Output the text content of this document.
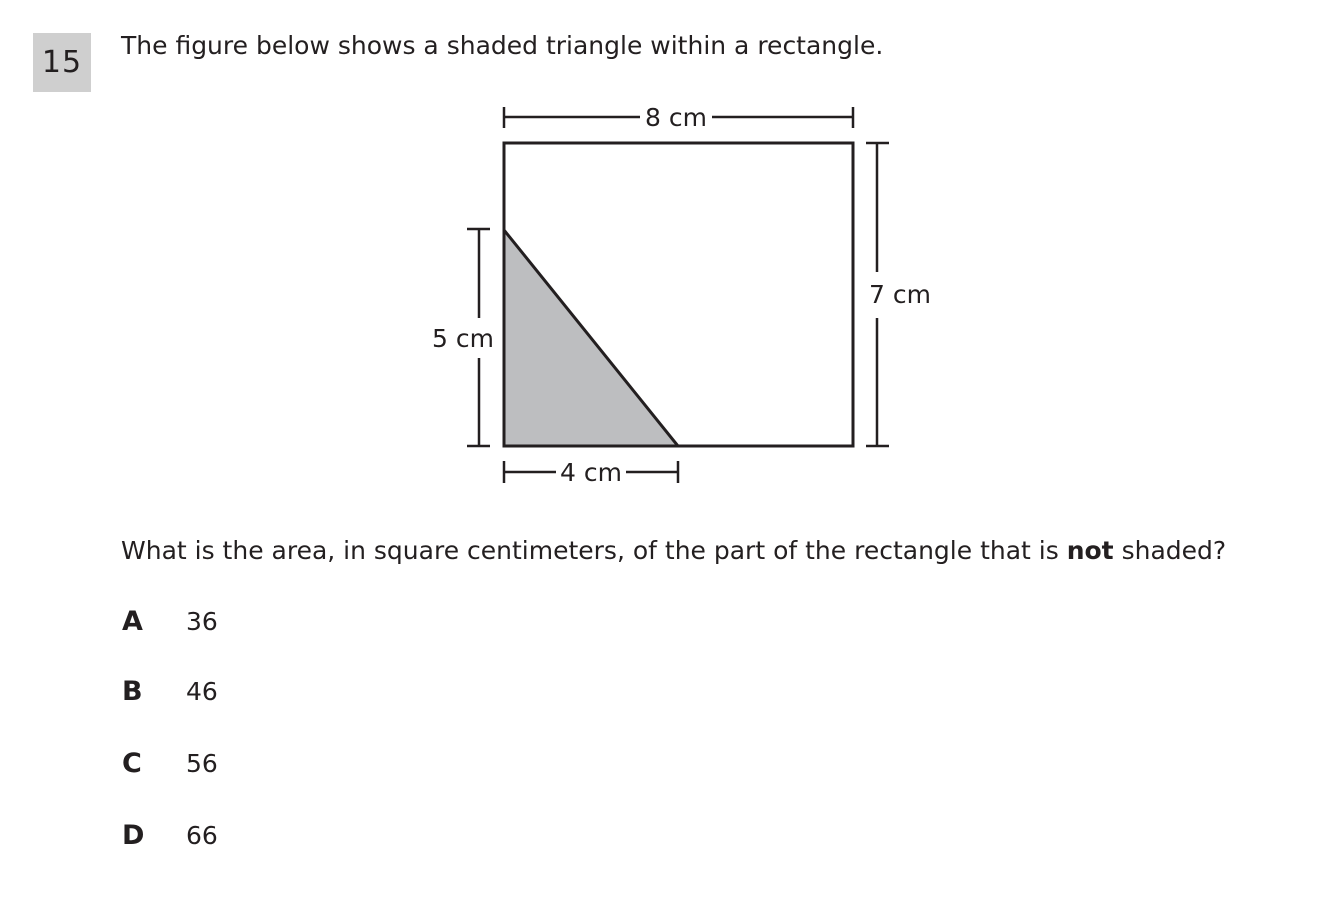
15	The figure below shows a shaded triangle within a rectangle.
8 cm
7 cm
5 cm
4 cm
What is the area, in square centimeters, of the part of the rectangle that is not shaded?
A	36
B	46
C	56
D	66
